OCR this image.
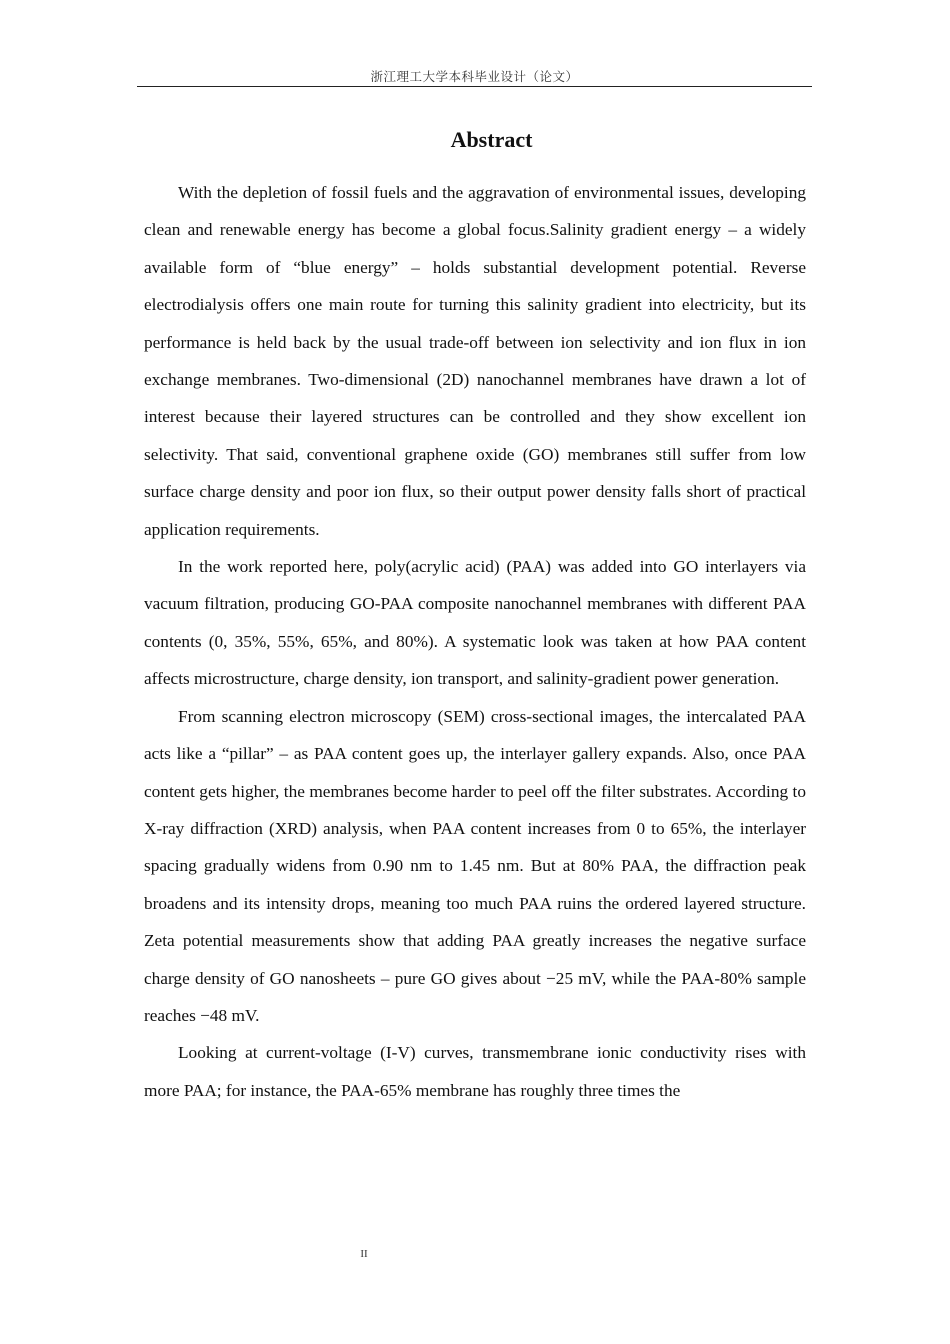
浙江理工大学本科毕业设计（论文）
Abstract

With the depletion of fossil fuels and the aggravation of environmental issues, developing clean and renewable energy has become a global focus.Salinity gradient energy – a widely available form of “blue energy” – holds substantial development potential. Reverse electrodialysis offers one main route for turning this salinity gradient into electricity, but its performance is held back by the usual trade-off between ion selectivity and ion flux in ion exchange membranes. Two-dimensional (2D) nanochannel membranes have drawn a lot of interest because their layered structures can be controlled and they show excellent ion selectivity. That said, conventional graphene oxide (GO) membranes still suffer from low surface charge density and poor ion flux, so their output power density falls short of practical application requirements.

In the work reported here, poly(acrylic acid) (PAA) was added into GO interlayers via vacuum filtration, producing GO-PAA composite nanochannel membranes with different PAA contents (0, 35%, 55%, 65%, and 80%). A systematic look was taken at how PAA content affects microstructure, charge density, ion transport, and salinity-gradient power generation.

From scanning electron microscopy (SEM) cross-sectional images, the intercalated PAA acts like a “pillar” – as PAA content goes up, the interlayer gallery expands. Also, once PAA content gets higher, the membranes become harder to peel off the filter substrates. According to X-ray diffraction (XRD) analysis, when PAA content increases from 0 to 65%, the interlayer spacing gradually widens from 0.90 nm to 1.45 nm. But at 80% PAA, the diffraction peak broadens and its intensity drops, meaning too much PAA ruins the ordered layered structure. Zeta potential measurements show that adding PAA greatly increases the negative surface charge density of GO nanosheets – pure GO gives about −25 mV, while the PAA-80% sample reaches −48 mV.

Looking at current-voltage (I-V) curves, transmembrane ionic conductivity rises with more PAA; for instance, the PAA-65% membrane has roughly three times the

II
